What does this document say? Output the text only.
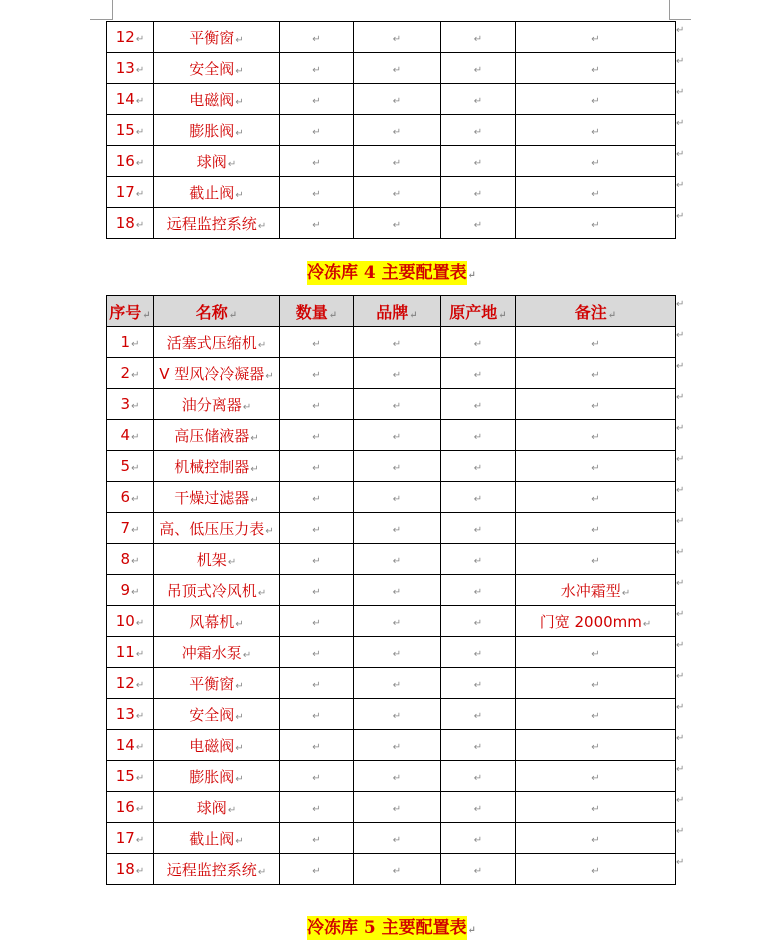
12↵	平衡窗↵	↵	↵	↵	↵
13↵	安全阀↵	↵	↵	↵	↵
14↵	电磁阀↵	↵	↵	↵	↵
15↵	膨胀阀↵	↵	↵	↵	↵
16↵	球阀↵	↵	↵	↵	↵
17↵	截止阀↵	↵	↵	↵	↵
18↵	远程监控系统↵	↵	↵	↵	↵
冷冻库 4 主要配置表↵
序号↵	名称↵	数量↵	品牌↵	原产地↵	备注↵
1↵	活塞式压缩机↵	↵	↵	↵	↵
2↵	V 型风冷冷凝器↵	↵	↵	↵	↵
3↵	油分离器↵	↵	↵	↵	↵
4↵	高压储液器↵	↵	↵	↵	↵
5↵	机械控制器↵	↵	↵	↵	↵
6↵	干燥过滤器↵	↵	↵	↵	↵
7↵	高、低压压力表↵	↵	↵	↵	↵
8↵	机架↵	↵	↵	↵	↵
9↵	吊顶式冷风机↵	↵	↵	↵	水冲霜型↵
10↵	风幕机↵	↵	↵	↵	门宽 2000mm↵
11↵	冲霜水泵↵	↵	↵	↵	↵
12↵	平衡窗↵	↵	↵	↵	↵
13↵	安全阀↵	↵	↵	↵	↵
14↵	电磁阀↵	↵	↵	↵	↵
15↵	膨胀阀↵	↵	↵	↵	↵
16↵	球阀↵	↵	↵	↵	↵
17↵	截止阀↵	↵	↵	↵	↵
18↵	远程监控系统↵	↵	↵	↵	↵
冷冻库 5 主要配置表↵
↵
↵
↵
↵
↵
↵
↵
↵
↵
↵
↵
↵
↵
↵
↵
↵
↵
↵
↵
↵
↵
↵
↵
↵
↵
↵
